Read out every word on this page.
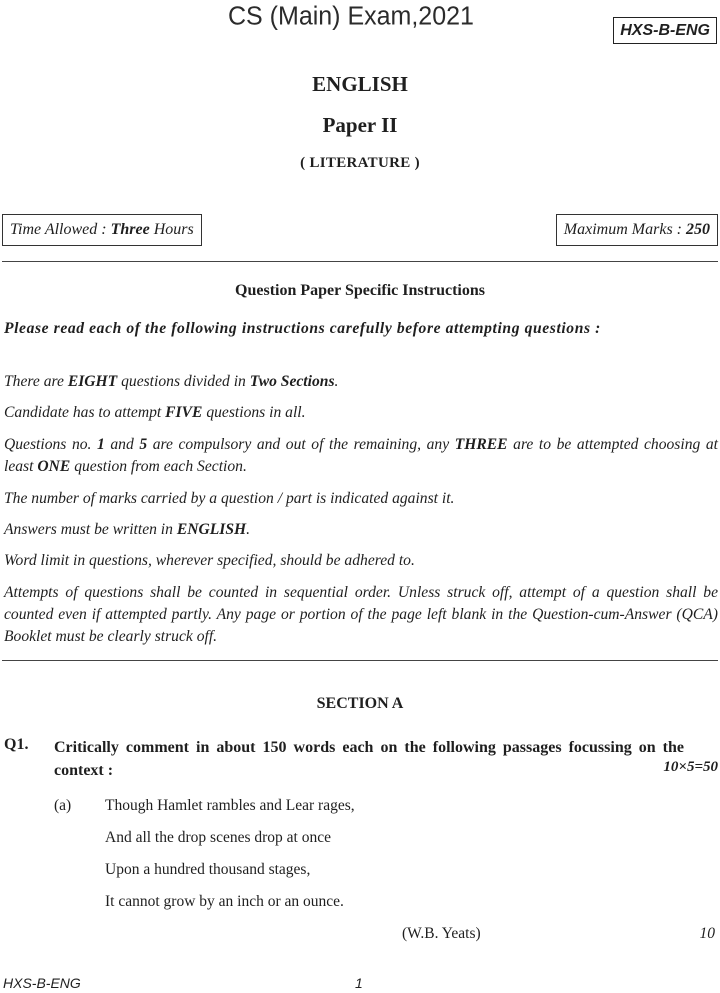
CS (Main) Exam,2021	HXS-B-ENG
ENGLISH
Paper II
( LITERATURE )
Time Allowed : Three Hours	Maximum Marks : 250
Question Paper Specific Instructions
Please read each of the following instructions carefully before attempting questions :
There are EIGHT questions divided in Two Sections.
Candidate has to attempt FIVE questions in all.
Questions no. 1 and 5 are compulsory and out of the remaining, any THREE are to be attempted choosing at least ONE question from each Section.
The number of marks carried by a question / part is indicated against it.
Answers must be written in ENGLISH.
Word limit in questions, wherever specified, should be adhered to.
Attempts of questions shall be counted in sequential order. Unless struck off, attempt of a question shall be counted even if attempted partly. Any page or portion of the page left blank in the Question-cum-Answer (QCA) Booklet must be clearly struck off.
SECTION A
Q1. Critically comment in about 150 words each on the following passages focussing on the context :	10×5=50
(a) Though Hamlet rambles and Lear rages,
And all the drop scenes drop at once
Upon a hundred thousand stages,
It cannot grow by an inch or an ounce.
(W.B. Yeats)	10
HXS-B-ENG	1
